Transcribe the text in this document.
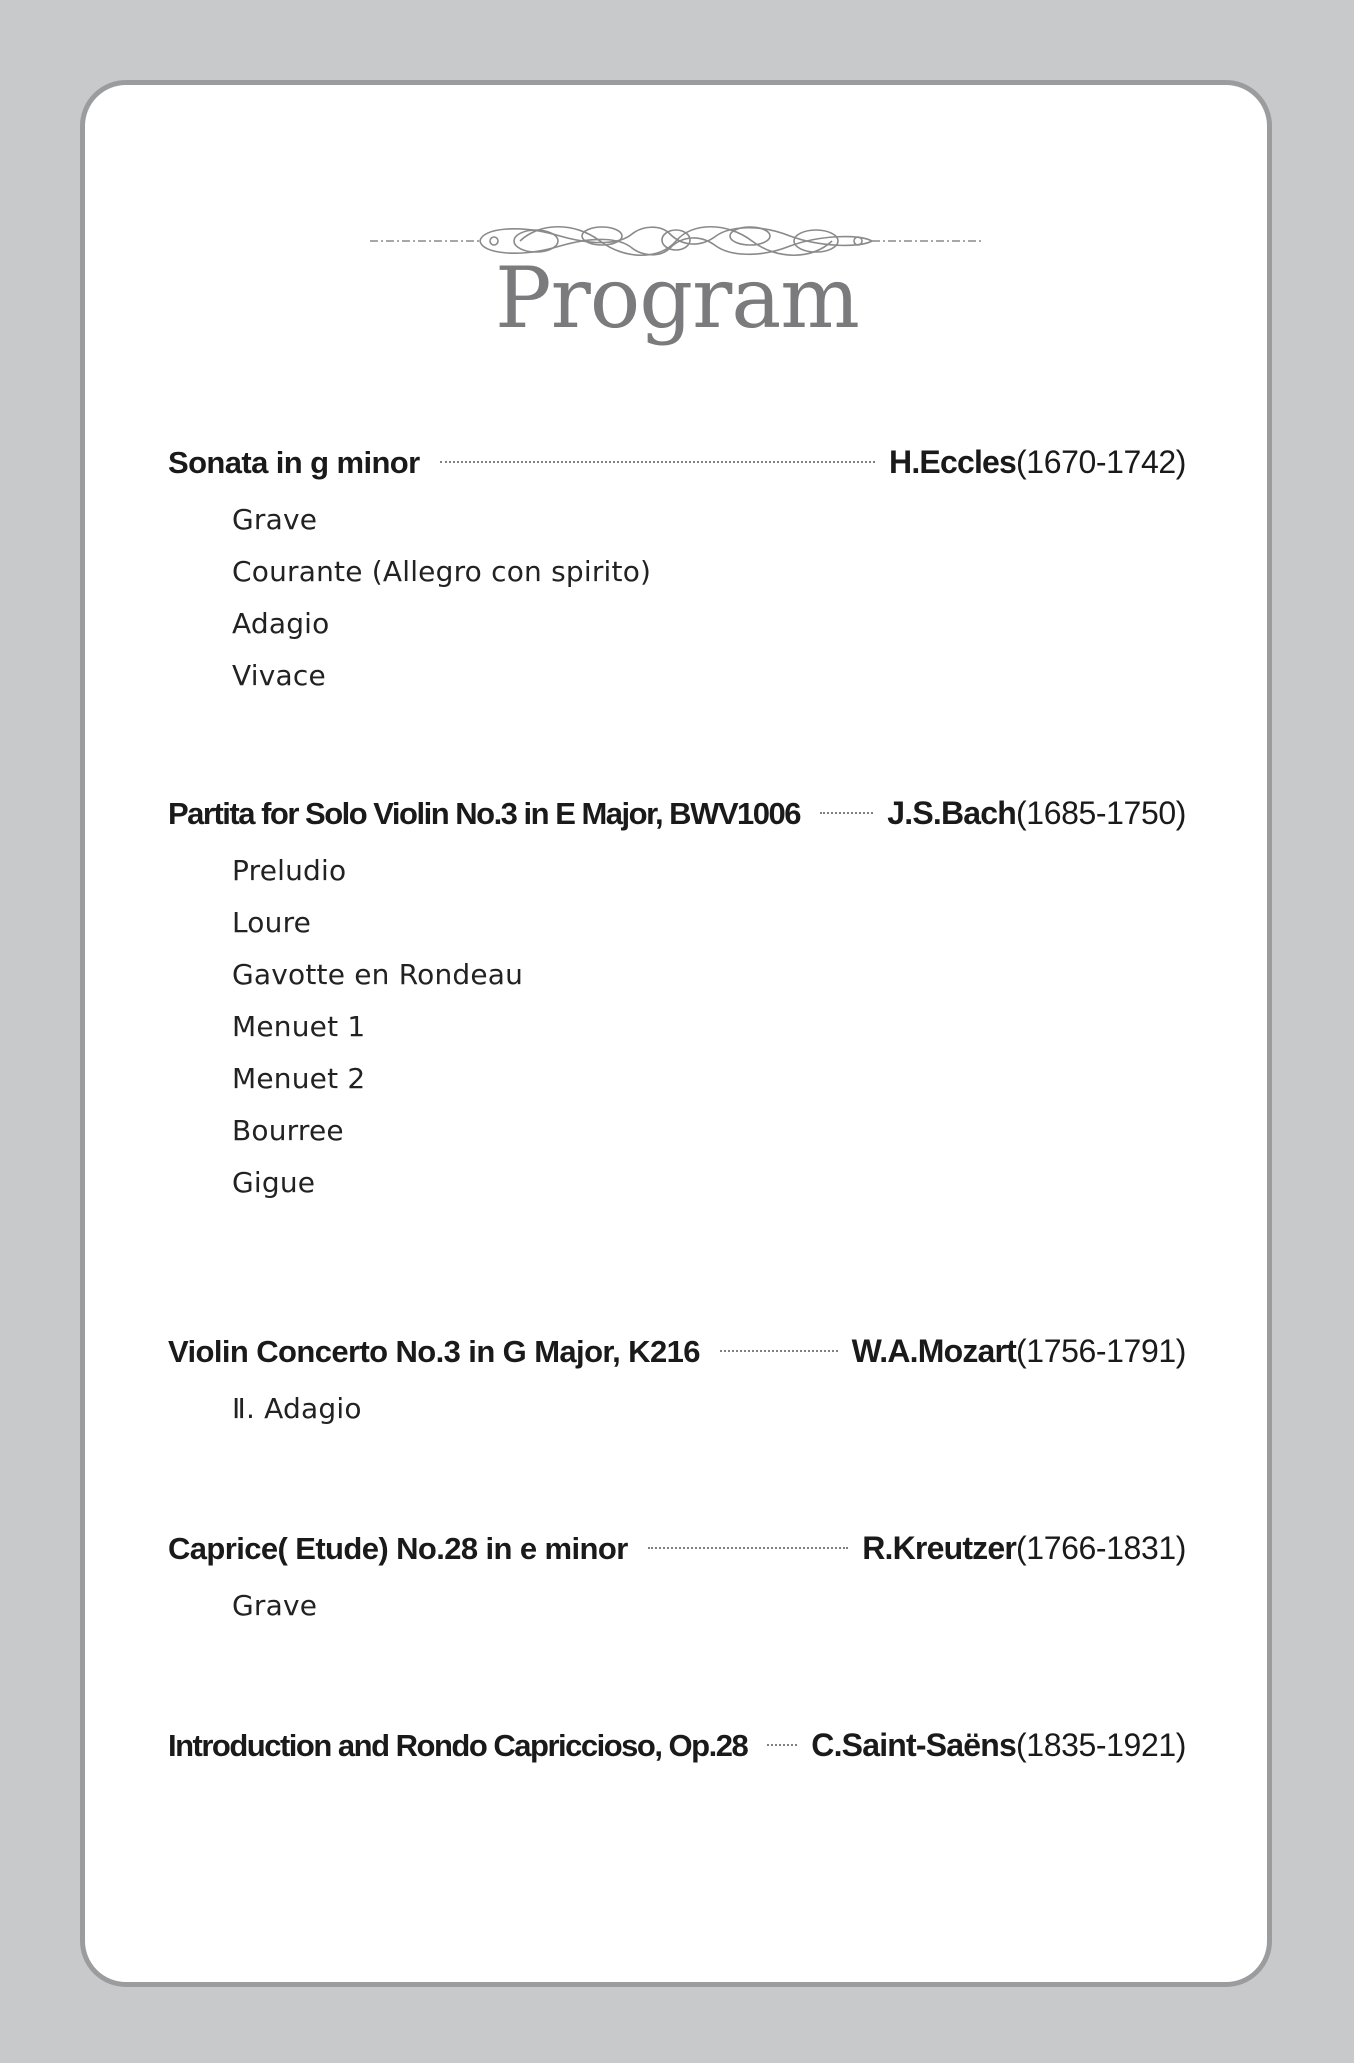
Program
Sonata in g minor	H.Eccles (1670-1742)
Grave
Courante (Allegro con spirito)
Adagio
Vivace
Partita for Solo Violin No.3 in E Major, BWV1006	J.S.Bach (1685-1750)
Preludio
Loure
Gavotte en Rondeau
Menuet 1
Menuet 2
Bourree
Gigue
Violin Concerto No.3 in G Major, K216	W.A.Mozart (1756-1791)
Ⅱ. Adagio
Caprice( Etude) No.28 in e minor	R.Kreutzer (1766-1831)
Grave
Introduction and Rondo Capriccioso, Op.28 C.Saint-Saëns (1835-1921)
